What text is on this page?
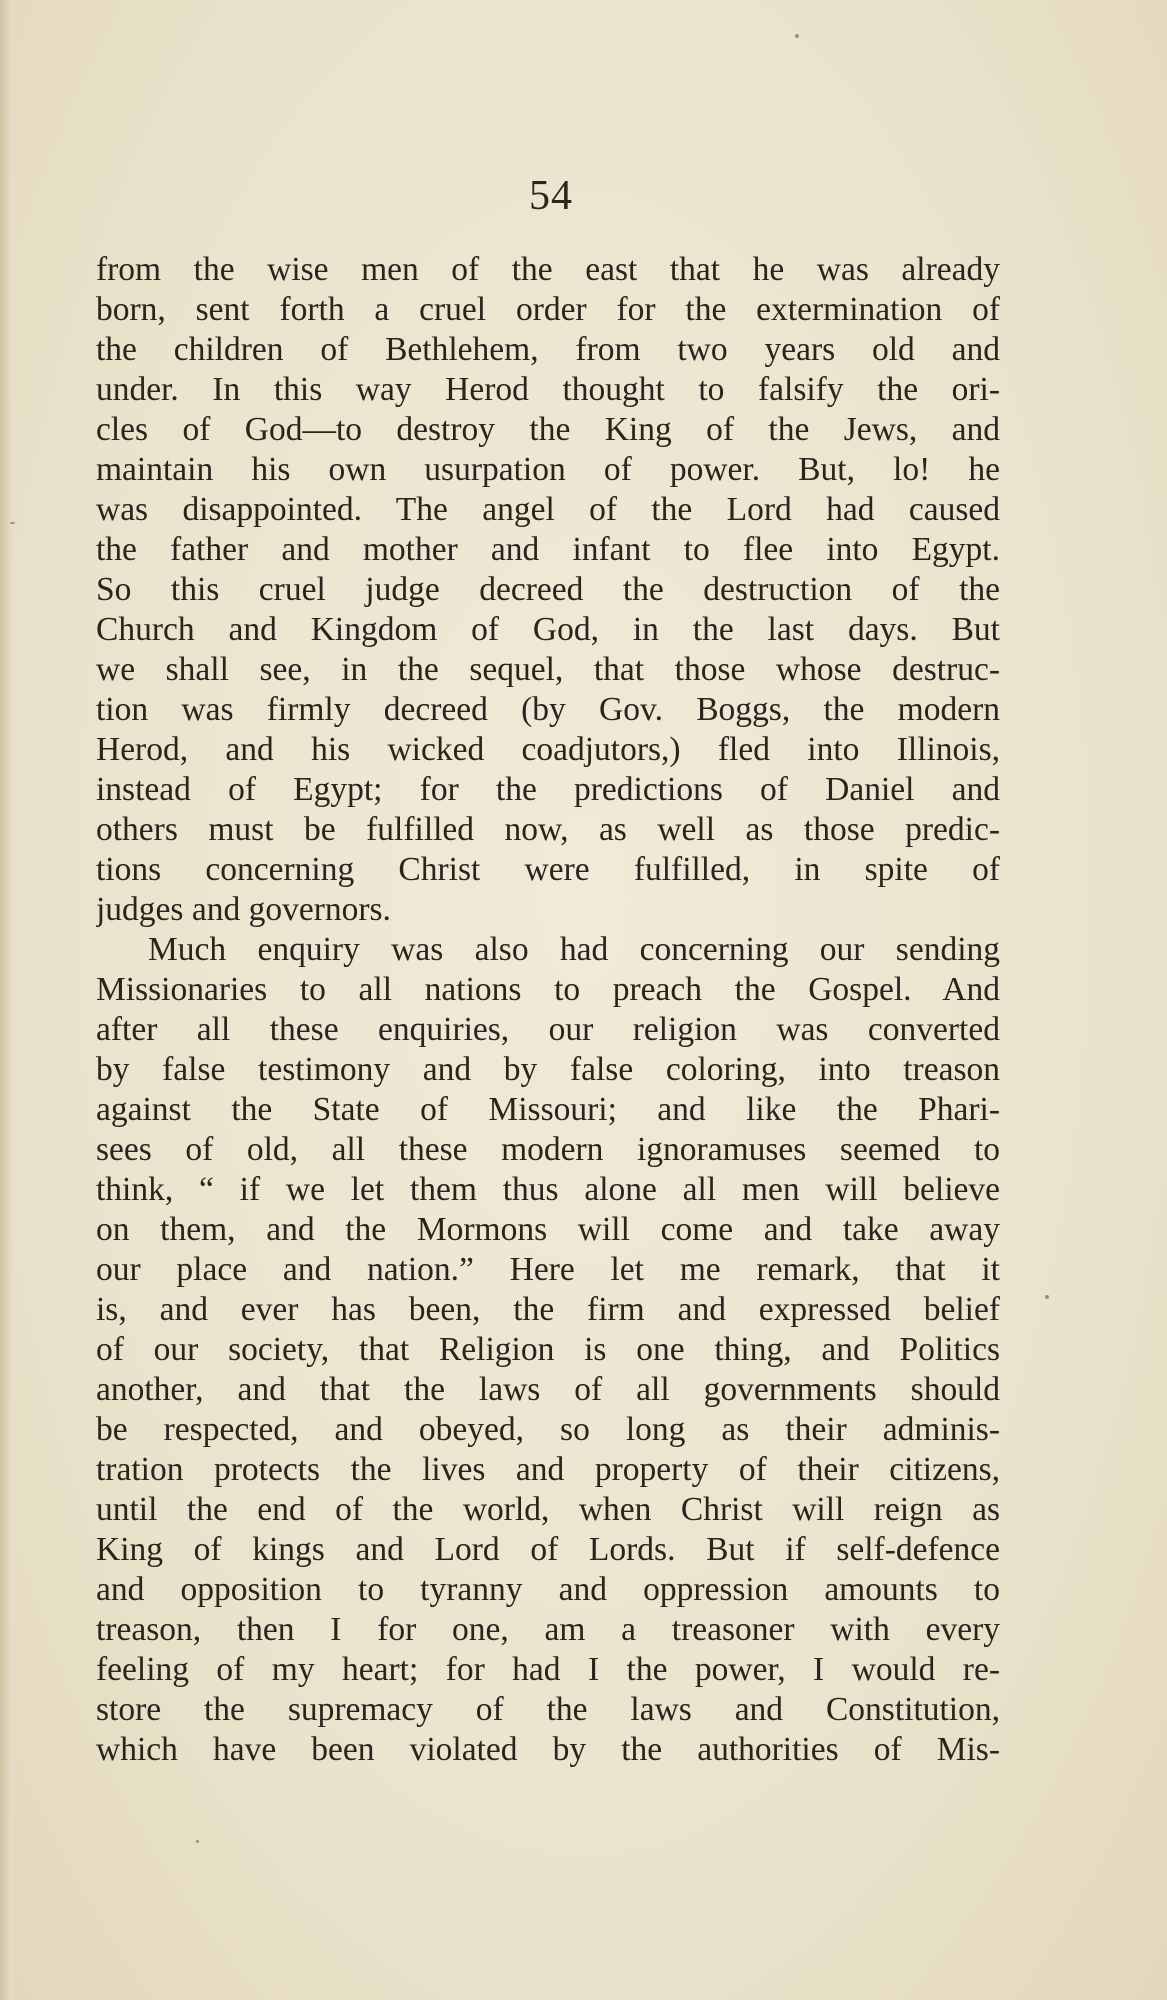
54
from the wise men of the east that he was already
born, sent forth a cruel order for the extermination of
the children of Bethlehem, from two years old and
under. In this way Herod thought to falsify the ori-
cles of God—to destroy the King of the Jews, and
maintain his own usurpation of power. But, lo! he
was disappointed. The angel of the Lord had caused
the father and mother and infant to flee into Egypt.
So this cruel judge decreed the destruction of the
Church and Kingdom of God, in the last days. But
we shall see, in the sequel, that those whose destruc-
tion was firmly decreed (by Gov. Boggs, the modern
Herod, and his wicked coadjutors,) fled into Illinois,
instead of Egypt; for the predictions of Daniel and
others must be fulfilled now, as well as those predic-
tions concerning Christ were fulfilled, in spite of
judges and governors.
Much enquiry was also had concerning our sending
Missionaries to all nations to preach the Gospel. And
after all these enquiries, our religion was converted
by false testimony and by false coloring, into treason
against the State of Missouri; and like the Phari-
sees of old, all these modern ignoramuses seemed to
think, “ if we let them thus alone all men will believe
on them, and the Mormons will come and take away
our place and nation.” Here let me remark, that it
is, and ever has been, the firm and expressed belief
of our society, that Religion is one thing, and Politics
another, and that the laws of all governments should
be respected, and obeyed, so long as their adminis-
tration protects the lives and property of their citizens,
until the end of the world, when Christ will reign as
King of kings and Lord of Lords. But if self-defence
and opposition to tyranny and oppression amounts to
treason, then I for one, am a treasoner with every
feeling of my heart; for had I the power, I would re-
store the supremacy of the laws and Constitution,
which have been violated by the authorities of Mis-
